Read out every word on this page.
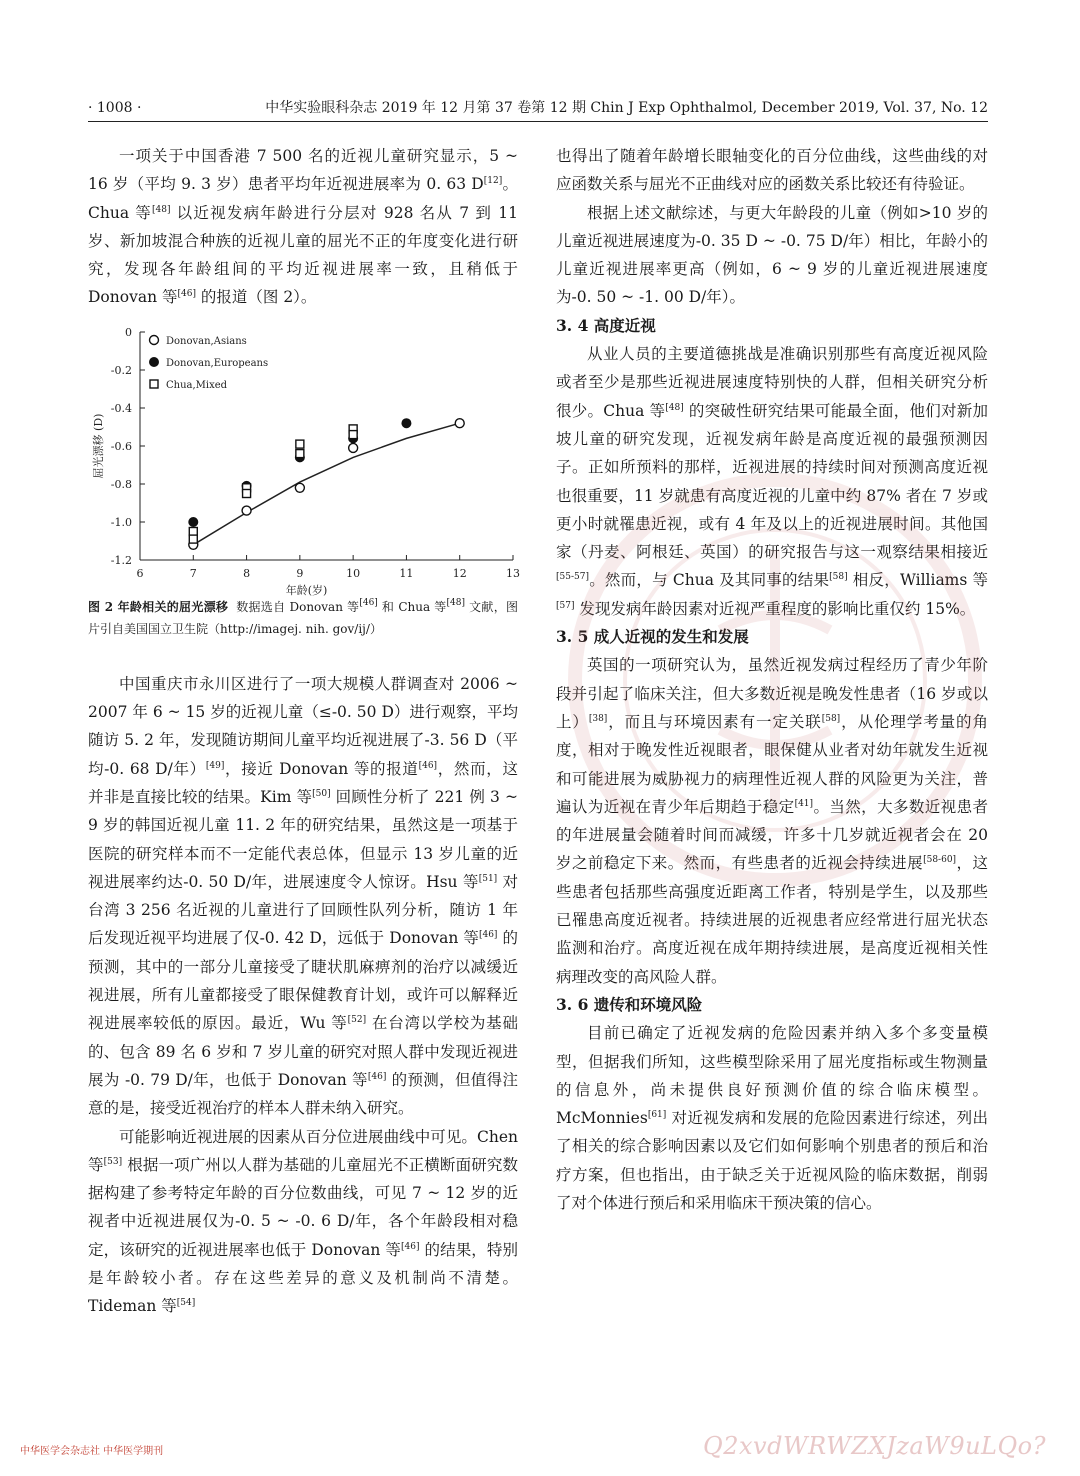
· 1008 ·	中华实验眼科杂志 2019 年 12 月第 37 卷第 12 期 Chin J Exp Ophthalmol, December 2019, Vol. 37, No. 12

一项关于中国香港 7 500 名的近视儿童研究显示，5 ~ 16 岁（平均 9. 3 岁）患者平均年近视进展率为 0. 63 D[12]。Chua 等[48] 以近视发病年龄进行分层对 928 名从 7 到 11 岁、新加坡混合种族的近视儿童的屈光不正的年度变化进行研究，发现各年龄组间的平均近视进展率一致，且稍低于 Donovan 等[46] 的报道（图 2）。

0
-0.2
-0.4
-0.6
-0.8
-1.0
-1.2
6	7	8	9	10	11	12	13
年龄(岁)
屈光漂移 (D)
Donovan,Asians
Donovan,Europeans
Chua,Mixed
图 2 年龄相关的屈光漂移 数据选自 Donovan 等[46] 和 Chua 等[48] 文献，图片引自美国国立卫生院（http://imagej. nih. gov/ij/）

中国重庆市永川区进行了一项大规模人群调查对 2006 ~ 2007 年 6 ~ 15 岁的近视儿童（≤-0. 50 D）进行观察，平均随访 5. 2 年，发现随访期间儿童平均近视进展了-3. 56 D（平均-0. 68 D/年）[49]，接近 Donovan 等的报道[46]，然而，这并非是直接比较的结果。Kim 等[50] 回顾性分析了 221 例 3 ~ 9 岁的韩国近视儿童 11. 2 年的研究结果，虽然这是一项基于医院的研究样本而不一定能代表总体，但显示 13 岁儿童的近视进展率约达-0. 50 D/年，进展速度令人惊讶。Hsu 等[51] 对台湾 3 256 名近视的儿童进行了回顾性队列分析，随访 1 年后发现近视平均进展了仅-0. 42 D，远低于 Donovan 等[46] 的预测，其中的一部分儿童接受了睫状肌麻痹剂的治疗以减缓近视进展，所有儿童都接受了眼保健教育计划，或许可以解释近视进展率较低的原因。最近，Wu 等[52] 在台湾以学校为基础的、包含 89 名 6 岁和 7 岁儿童的研究对照人群中发现近视进展为 -0. 79 D/年，也低于 Donovan 等[46] 的预测，但值得注意的是，接受近视治疗的样本人群未纳入研究。

可能影响近视进展的因素从百分位进展曲线中可见。Chen 等[53] 根据一项广州以人群为基础的儿童屈光不正横断面研究数据构建了参考特定年龄的百分位数曲线，可见 7 ~ 12 岁的近视者中近视进展仅为-0. 5 ~ -0. 6 D/年，各个年龄段相对稳定，该研究的近视进展率也低于 Donovan 等[46] 的结果，特别是年龄较小者。存在这些差异的意义及机制尚不清楚。Tideman 等[54]

也得出了随着年龄增长眼轴变化的百分位曲线，这些曲线的对应函数关系与屈光不正曲线对应的函数关系比较还有待验证。

根据上述文献综述，与更大年龄段的儿童（例如>10 岁的儿童近视进展速度为-0. 35 D ~ -0. 75 D/年）相比，年龄小的儿童近视进展率更高（例如，6 ~ 9 岁的儿童近视进展速度为-0. 50 ~ -1. 00 D/年）。

3. 4 高度近视

从业人员的主要道德挑战是准确识别那些有高度近视风险或者至少是那些近视进展速度特别快的人群，但相关研究分析很少。Chua 等[48] 的突破性研究结果可能最全面，他们对新加坡儿童的研究发现，近视发病年龄是高度近视的最强预测因子。正如所预料的那样，近视进展的持续时间对预测高度近视也很重要，11 岁就患有高度近视的儿童中约 87% 者在 7 岁或更小时就罹患近视，或有 4 年及以上的近视进展时间。其他国家（丹麦、阿根廷、英国）的研究报告与这一观察结果相接近[55-57]。然而，与 Chua 及其同事的结果[58] 相反，Williams 等[57] 发现发病年龄因素对近视严重程度的影响比重仅约 15%。

3. 5 成人近视的发生和发展

英国的一项研究认为，虽然近视发病过程经历了青少年阶段并引起了临床关注，但大多数近视是晚发性患者（16 岁或以上）[38]，而且与环境因素有一定关联[58]，从伦理学考量的角度，相对于晚发性近视眼者，眼保健从业者对幼年就发生近视和可能进展为威胁视力的病理性近视人群的风险更为关注，普遍认为近视在青少年后期趋于稳定[41]。当然，大多数近视患者的年进展量会随着时间而减缓，许多十几岁就近视者会在 20 岁之前稳定下来。然而，有些患者的近视会持续进展[58-60]，这些患者包括那些高强度近距离工作者，特别是学生，以及那些已罹患高度近视者。持续进展的近视患者应经常进行屈光状态监测和治疗。高度近视在成年期持续进展，是高度近视相关性病理改变的高风险人群。

3. 6 遗传和环境风险

目前已确定了近视发病的危险因素并纳入多个多变量模型，但据我们所知，这些模型除采用了屈光度指标或生物测量的信息外，尚未提供良好预测价值的综合临床模型。McMonnies[61] 对近视发病和发展的危险因素进行综述，列出了相关的综合影响因素以及它们如何影响个别患者的预后和治疗方案，但也指出，由于缺乏关于近视风险的临床数据，削弱了对个体进行预后和采用临床干预决策的信心。

中华医学会杂志社 中华医学期刊	Q2xvdWRWZXJzaW9uLQo?
